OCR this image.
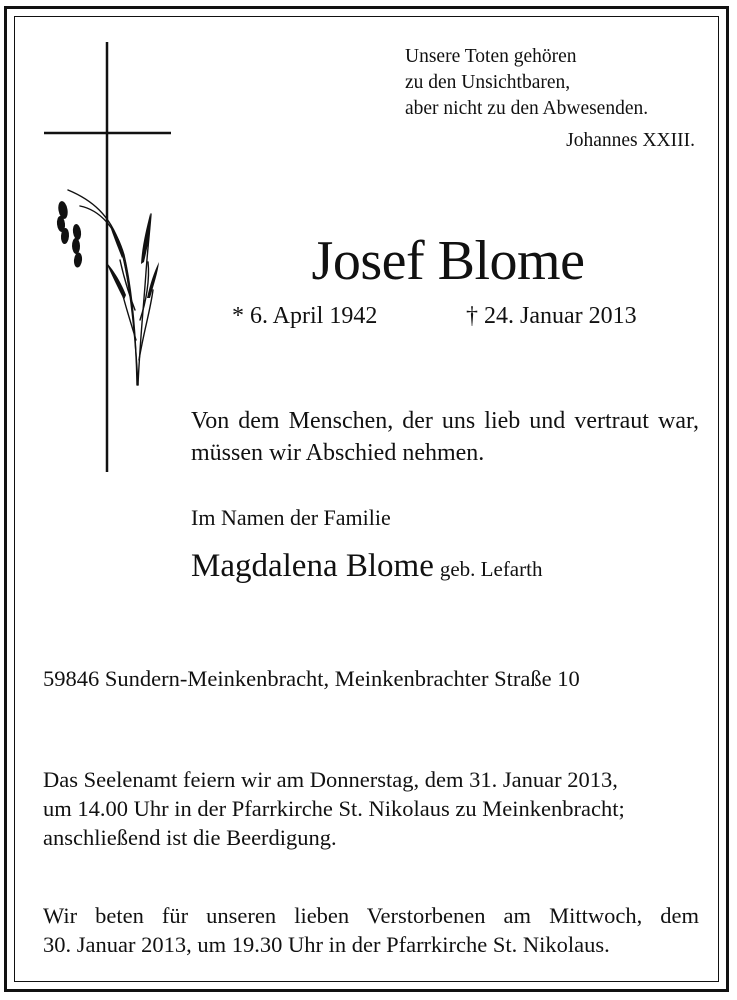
Unsere Toten gehören
zu den Unsichtbaren,
aber nicht zu den Abwesenden.
Johannes XXIII.
Josef Blome
* 6. April 1942	† 24. Januar 2013
Von dem Menschen, der uns lieb und vertraut war, müssen wir Abschied nehmen.
Im Namen der Familie
Magdalena Blome geb. Lefarth
59846 Sundern-Meinkenbracht, Meinkenbrachter Straße 10
Das Seelenamt feiern wir am Donnerstag, dem 31. Januar 2013,
um 14.00 Uhr in der Pfarrkirche St. Nikolaus zu Meinkenbracht;
anschließend ist die Beerdigung.
Wir beten für unseren lieben Verstorbenen am Mittwoch, dem
30. Januar 2013, um 19.30 Uhr in der Pfarrkirche St. Nikolaus.
